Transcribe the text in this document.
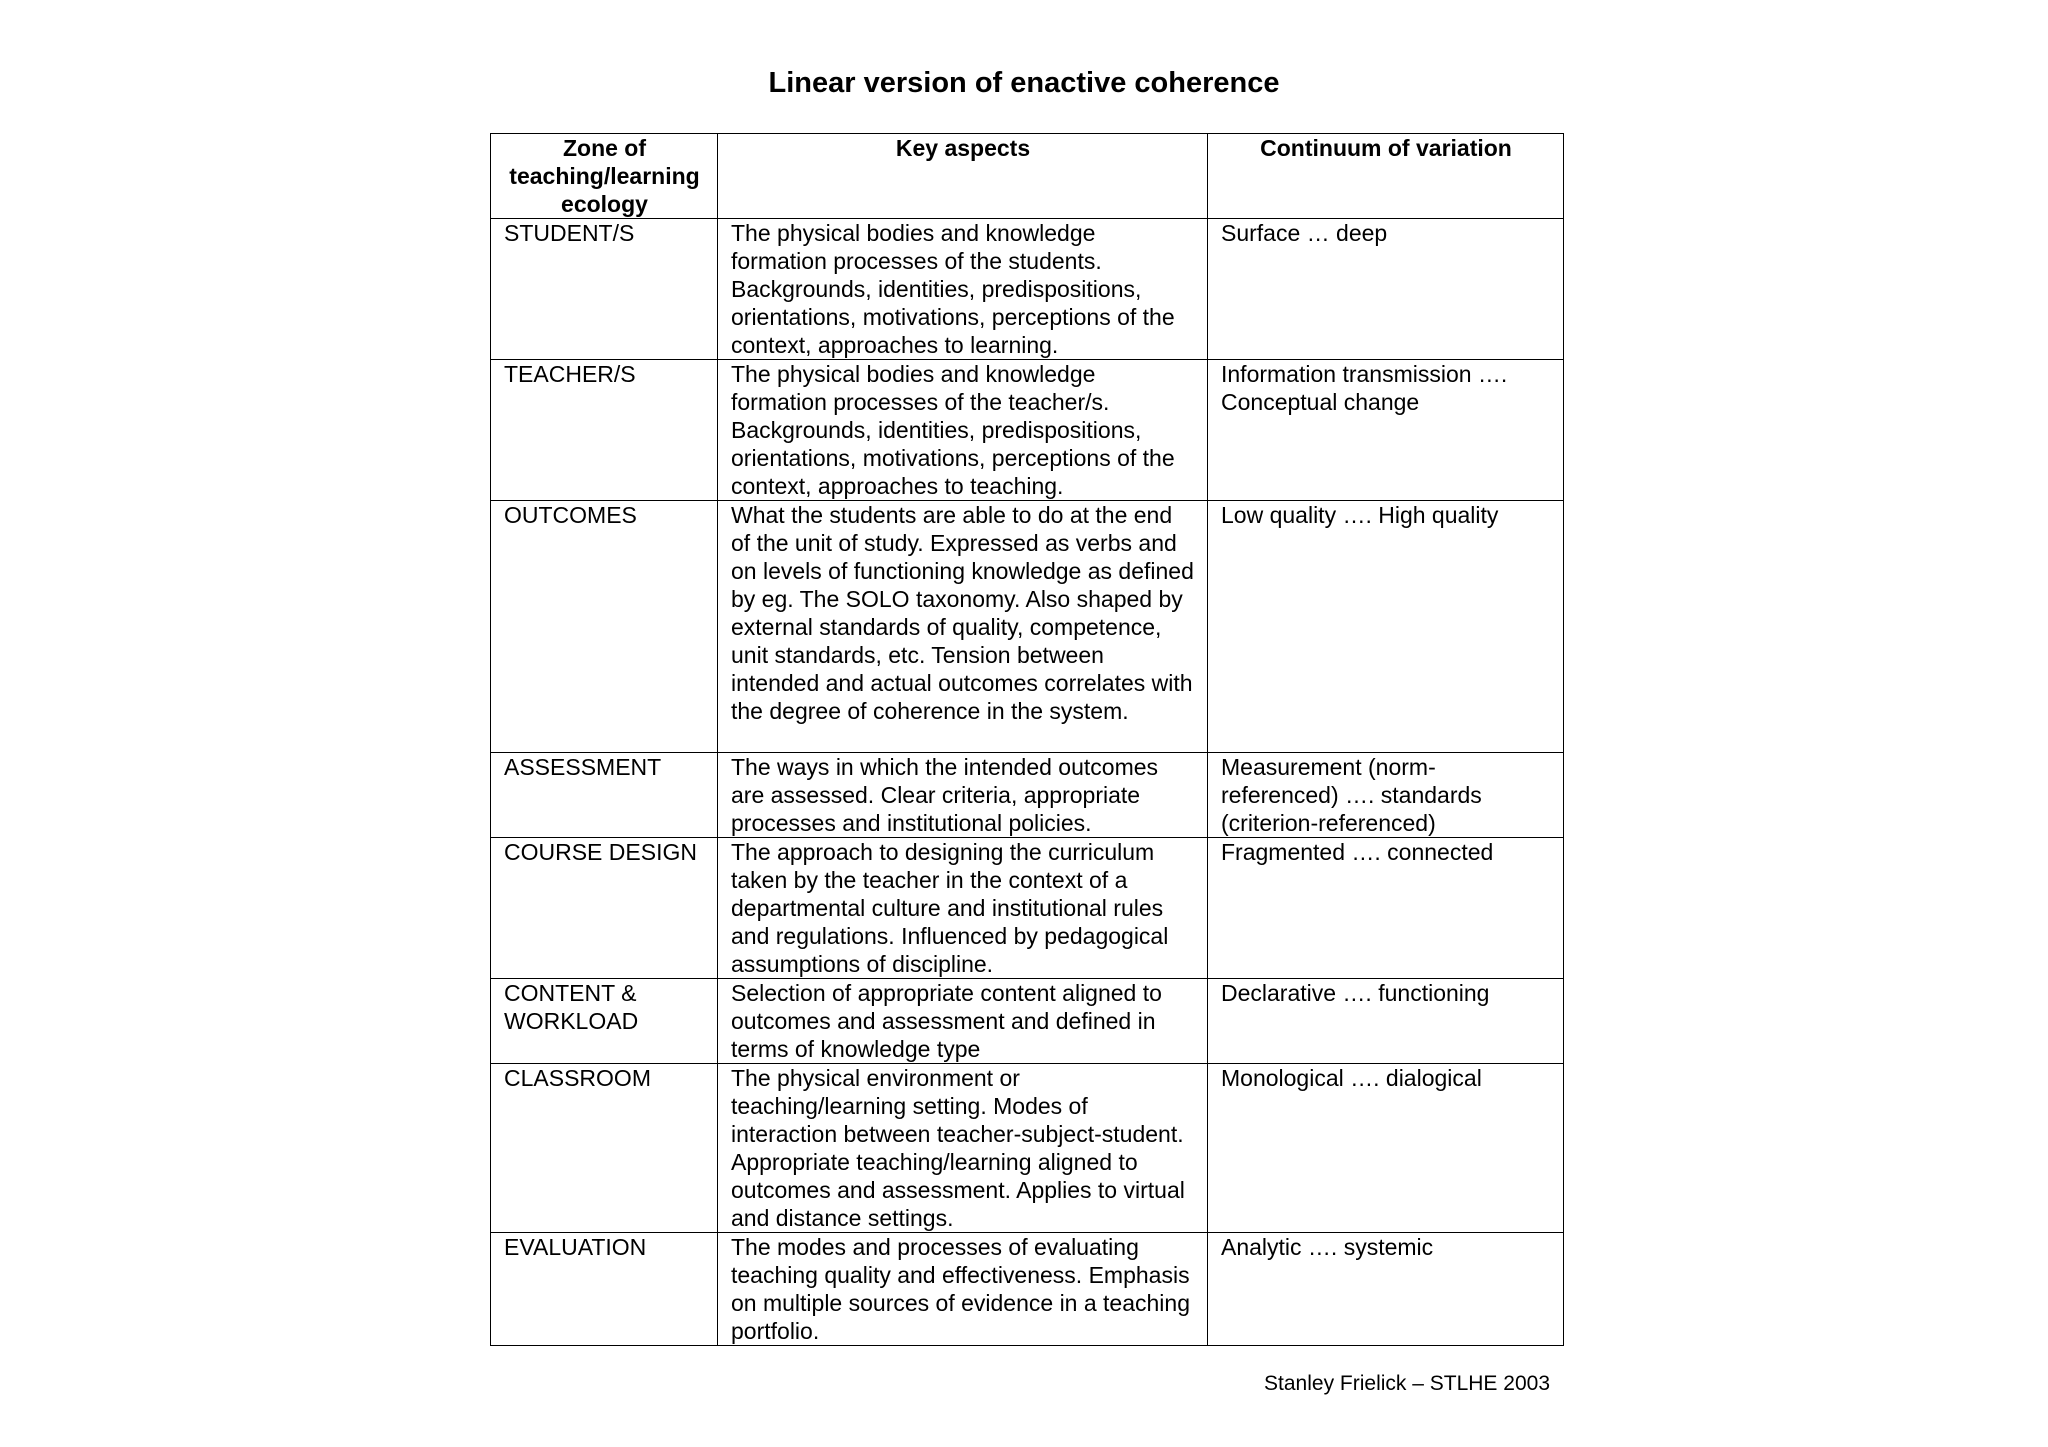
Linear version of enactive coherence
Zone of teaching/learning ecology	Key aspects	Continuum of variation
STUDENT/S	The physical bodies and knowledge formation processes of the students. Backgrounds, identities, predispositions, orientations, motivations, perceptions of the context, approaches to learning.	Surface … deep
TEACHER/S	The physical bodies and knowledge formation processes of the teacher/s. Backgrounds, identities, predispositions, orientations, motivations, perceptions of the context, approaches to teaching.	Information transmission …. Conceptual change
OUTCOMES	What the students are able to do at the end of the unit of study. Expressed as verbs and on levels of functioning knowledge as defined by eg. The SOLO taxonomy. Also shaped by external standards of quality, competence, unit standards, etc. Tension between intended and actual outcomes correlates with the degree of coherence in the system.	Low quality …. High quality
ASSESSMENT	The ways in which the intended outcomes are assessed. Clear criteria, appropriate processes and institutional policies.	Measurement (norm-referenced) …. standards (criterion-referenced)
COURSE DESIGN	The approach to designing the curriculum taken by the teacher in the context of a departmental culture and institutional rules and regulations. Influenced by pedagogical assumptions of discipline.	Fragmented …. connected
CONTENT & WORKLOAD	Selection of appropriate content aligned to outcomes and assessment and defined in terms of knowledge type	Declarative …. functioning
CLASSROOM	The physical environment or teaching/learning setting. Modes of interaction between teacher-subject-student. Appropriate teaching/learning aligned to outcomes and assessment. Applies to virtual and distance settings.	Monological …. dialogical
EVALUATION	The modes and processes of evaluating teaching quality and effectiveness. Emphasis on multiple sources of evidence in a teaching portfolio.	Analytic …. systemic
Stanley Frielick – STLHE 2003
